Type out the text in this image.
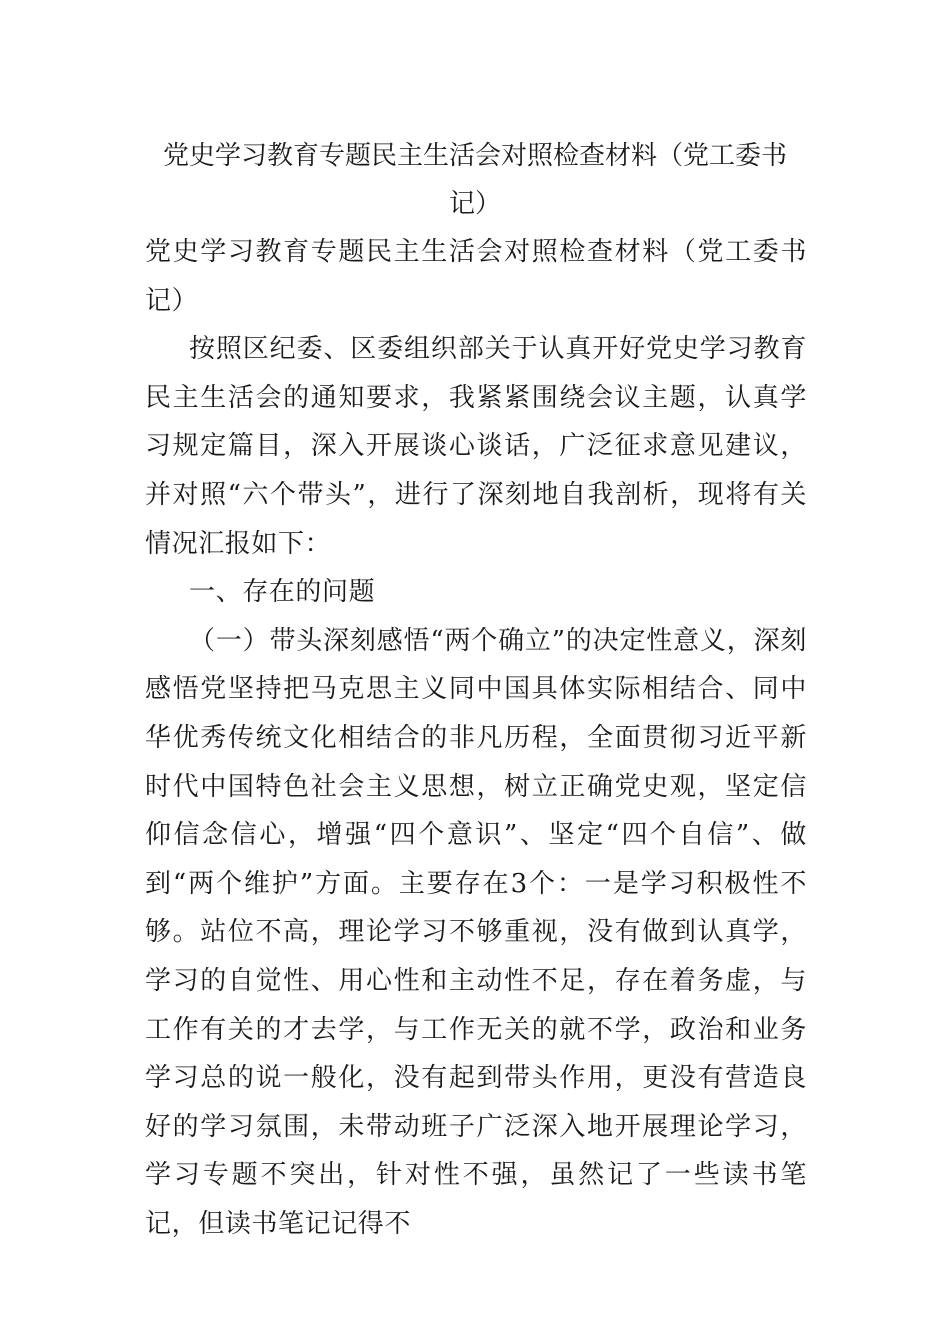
党史学习教育专题民主生活会对照检查材料（党工委书记）

党史学习教育专题民主生活会对照检查材料（党工委书记）

按照区纪委、区委组织部关于认真开好党史学习教育民主生活会的通知要求，我紧紧围绕会议主题，认真学习规定篇目，深入开展谈心谈话，广泛征求意见建议，并对照“六个带头”，进行了深刻地自我剖析，现将有关情况汇报如下：

一、存在的问题

（一）带头深刻感悟“两个确立”的决定性意义，深刻感悟党坚持把马克思主义同中国具体实际相结合、同中华优秀传统文化相结合的非凡历程，全面贯彻习近平新时代中国特色社会主义思想，树立正确党史观，坚定信仰信念信心，增强“四个意识”、坚定“四个自信”、做到“两个维护”方面。主要存在3个：一是学习积极性不够。站位不高，理论学习不够重视，没有做到认真学，学习的自觉性、用心性和主动性不足，存在着务虚，与工作有关的才去学，与工作无关的就不学，政治和业务学习总的说一般化，没有起到带头作用，更没有营造良好的学习氛围，未带动班子广泛深入地开展理论学习，学习专题不突出，针对性不强，虽然记了一些读书笔记，但读书笔记记得不
